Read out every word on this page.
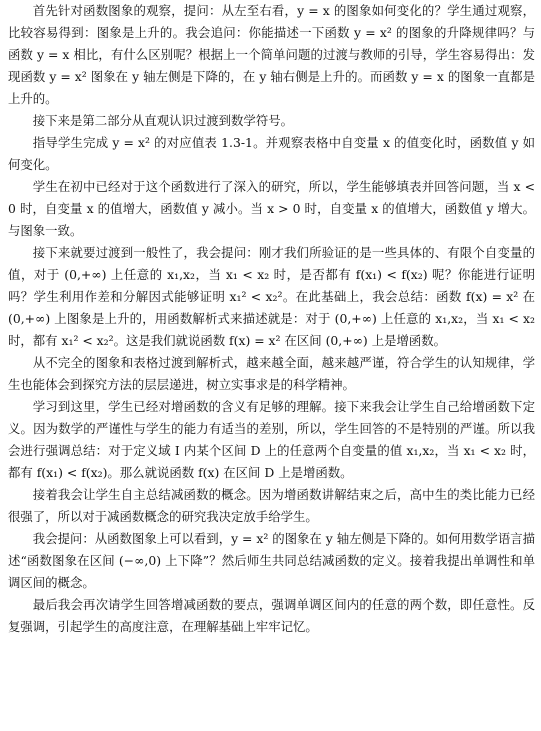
首先针对函数图象的观察，提问：从左至右看，y = x 的图象如何变化的？学生通过观察，比较容易得到：图象是上升的。我会追问：你能描述一下函数 y = x² 的图象的升降规律吗？与函数 y = x 相比，有什么区别呢？根据上一个简单问题的过渡与教师的引导，学生容易得出：发现函数 y = x² 图象在 y 轴左侧是下降的，在 y 轴右侧是上升的。而函数 y = x 的图象一直都是上升的。

接下来是第二部分从直观认识过渡到数学符号。

指导学生完成 y = x² 的对应值表 1.3-1。并观察表格中自变量 x 的值变化时，函数值 y 如何变化。

学生在初中已经对于这个函数进行了深入的研究，所以，学生能够填表并回答问题，当 x < 0 时，自变量 x 的值增大，函数值 y 减小。当 x > 0 时，自变量 x 的值增大，函数值 y 增大。与图象一致。

接下来就要过渡到一般性了，我会提问：刚才我们所验证的是一些具体的、有限个自变量的值，对于 (0,+∞) 上任意的 x₁,x₂，当 x₁ < x₂ 时，是否都有 f(x₁) < f(x₂) 呢？你能进行证明吗？学生利用作差和分解因式能够证明 x₁² < x₂²。在此基础上，我会总结：函数 f(x) = x² 在 (0,+∞) 上图象是上升的，用函数解析式来描述就是：对于 (0,+∞) 上任意的 x₁,x₂，当 x₁ < x₂ 时，都有 x₁² < x₂²。这是我们就说函数 f(x) = x² 在区间 (0,+∞) 上是增函数。

从不完全的图象和表格过渡到解析式，越来越全面，越来越严谨，符合学生的认知规律，学生也能体会到探究方法的层层递进，树立实事求是的科学精神。

学习到这里，学生已经对增函数的含义有足够的理解。接下来我会让学生自己给增函数下定义。因为数学的严谨性与学生的能力有适当的差别，所以，学生回答的不是特别的严谨。所以我会进行强调总结：对于定义域 I 内某个区间 D 上的任意两个自变量的值 x₁,x₂，当 x₁ < x₂ 时，都有 f(x₁) < f(x₂)。那么就说函数 f(x) 在区间 D 上是增函数。

接着我会让学生自主总结减函数的概念。因为增函数讲解结束之后，高中生的类比能力已经很强了，所以对于减函数概念的研究我决定放手给学生。

我会提问：从函数图象上可以看到，y = x² 的图象在 y 轴左侧是下降的。如何用数学语言描述“函数图象在区间 (−∞,0) 上下降”？然后师生共同总结减函数的定义。接着我提出单调性和单调区间的概念。

最后我会再次请学生回答增减函数的要点，强调单调区间内的任意的两个数，即任意性。反复强调，引起学生的高度注意，在理解基础上牢牢记忆。
